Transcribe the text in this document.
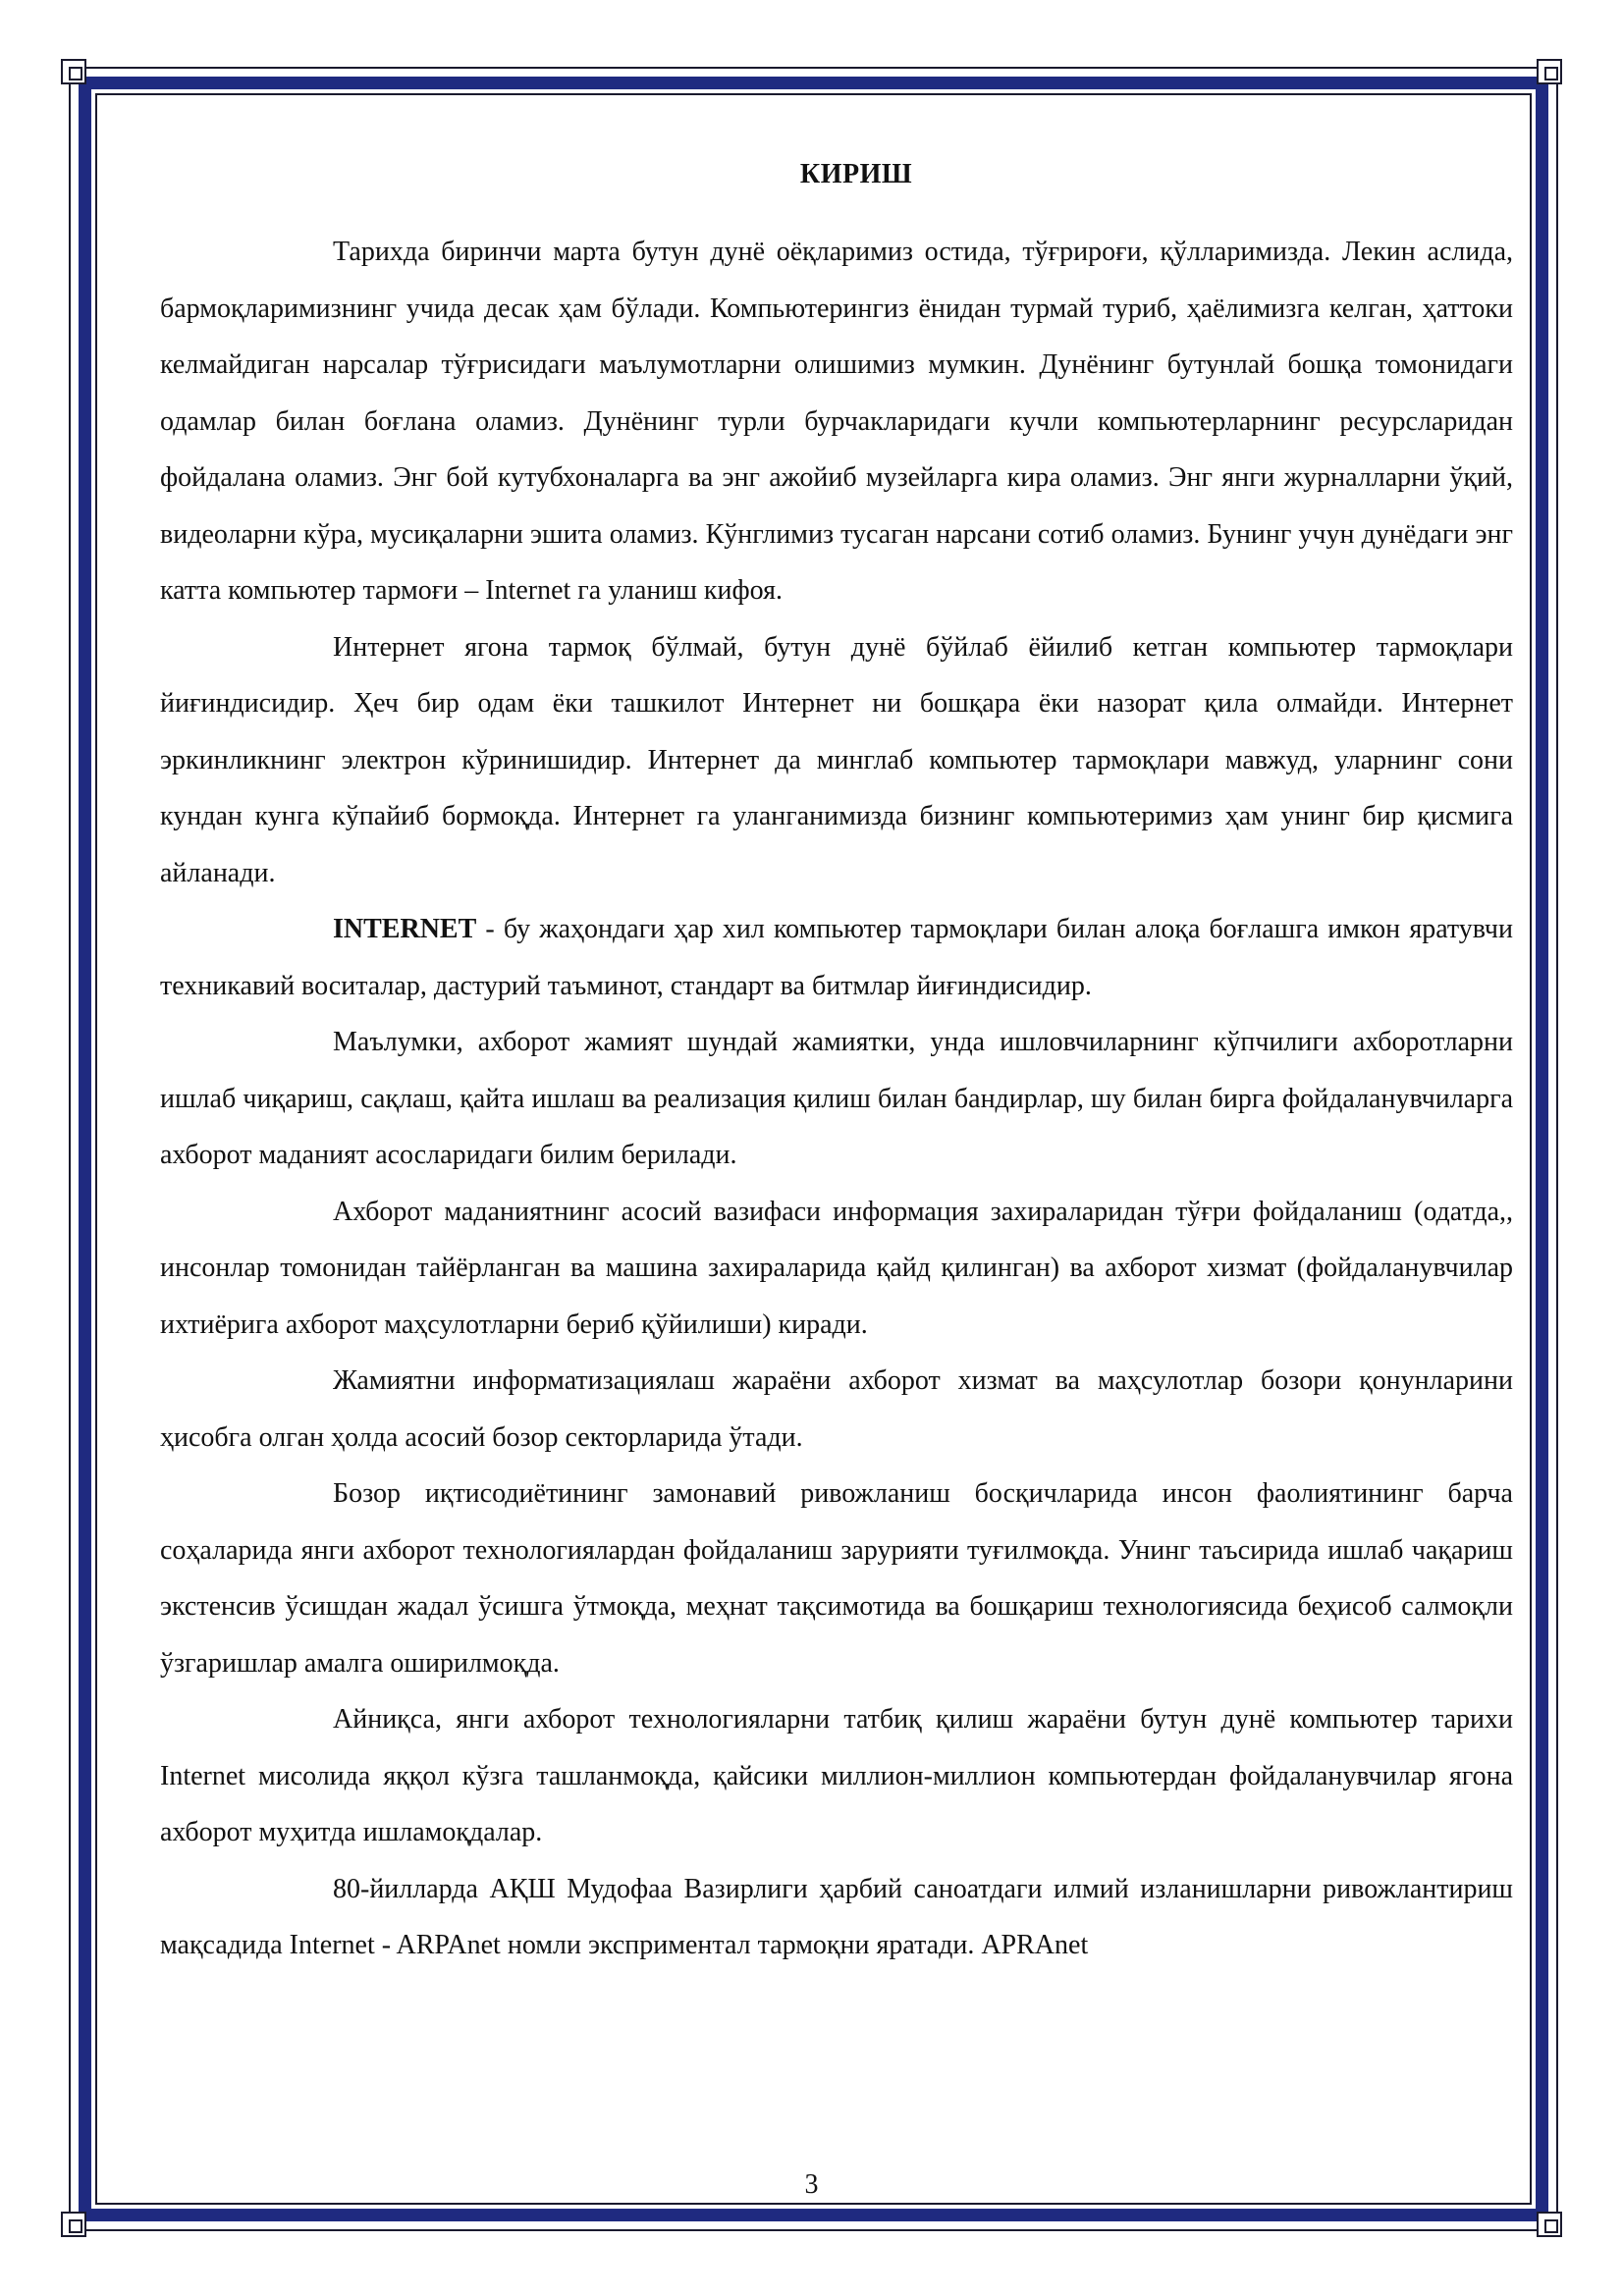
КИРИШ

Тарихда биринчи марта бутун дунё оёқларимиз остида, тўғрироғи, қўлларимизда. Лекин аслида, бармоқларимизнинг учида десак ҳам бўлади. Компьютерингиз ёнидан турмай туриб, ҳаёлимизга келган, ҳаттоки келмайдиган нарсалар тўғрисидаги маълумотларни олишимиз мумкин. Дунёнинг бутунлай бошқа томонидаги одамлар билан боғлана оламиз. Дунёнинг турли бурчакларидаги кучли компьютерларнинг ресурсларидан фойдалана оламиз. Энг бой кутубхоналарга ва энг ажойиб музейларга кира оламиз. Энг янги журналларни ўқий, видеоларни кўра, мусиқаларни эшита оламиз. Кўнглимиз тусаган нарсани сотиб оламиз. Бунинг учун дунёдаги энг катта компьютер тармоғи – Internet га уланиш кифоя.

Интернет ягона тармоқ бўлмай, бутун дунё бўйлаб ёйилиб кетган компьютер тармоқлари йиғиндисидир. Ҳеч бир одам ёки ташкилот Интернет ни бошқара ёки назорат қила олмайди. Интернет эркинликнинг электрон кўринишидир. Интернет да минглаб компьютер тармоқлари мавжуд, уларнинг сони кундан кунга кўпайиб бормоқда. Интернет га уланганимизда бизнинг компьютеримиз ҳам унинг бир қисмига айланади.

INTERNET - бу жаҳондаги ҳар хил компьютер тармоқлари билан алоқа боғлашга имкон яратувчи техникавий воситалар, дастурий таъминот, стандарт ва битмлар йиғиндисидир.

Маълумки, ахборот жамият шундай жамиятки, унда ишловчиларнинг кўпчилиги ахборотларни ишлаб чиқариш, сақлаш, қайта ишлаш ва реализация қилиш билан бандирлар, шу билан бирга фойдаланувчиларга ахборот маданият асосларидаги билим берилади.

Ахборот маданиятнинг асосий вазифаси информация захираларидан тўғри фойдаланиш (одатда,, инсонлар томонидан тайёрланган ва машина захираларида қайд қилинган) ва ахборот хизмат (фойдаланувчилар ихтиёрига ахборот маҳсулотларни бериб қўйилиши) киради.

Жамиятни информатизациялаш жараёни ахборот хизмат ва маҳсулотлар бозори қонунларини ҳисобга олган ҳолда асосий бозор секторларида ўтади.

Бозор иқтисодиётининг замонавий ривожланиш босқичларида инсон фаолиятининг барча соҳаларида янги ахборот технологиялардан фойдаланиш зарурияти туғилмоқда. Унинг таъсирида ишлаб чақариш экстенсив ўсишдан жадал ўсишга ўтмоқда, меҳнат тақсимотида ва бошқариш технологиясида беҳисоб салмоқли ўзгаришлар амалга оширилмоқда.

Айниқса, янги ахборот технологияларни татбиқ қилиш жараёни бутун дунё компьютер тарихи Internet мисолида яққол кўзга ташланмоқда, қайсики миллион-миллион компьютердан фойдаланувчилар ягона ахборот муҳитда ишламоқдалар.

80-йилларда АҚШ Мудофаа Вазирлиги ҳарбий саноатдаги илмий изланишларни ривожлантириш мақсадида Internet - ARPAnet номли эксприментал тармоқни яратади. APRAnet

3
